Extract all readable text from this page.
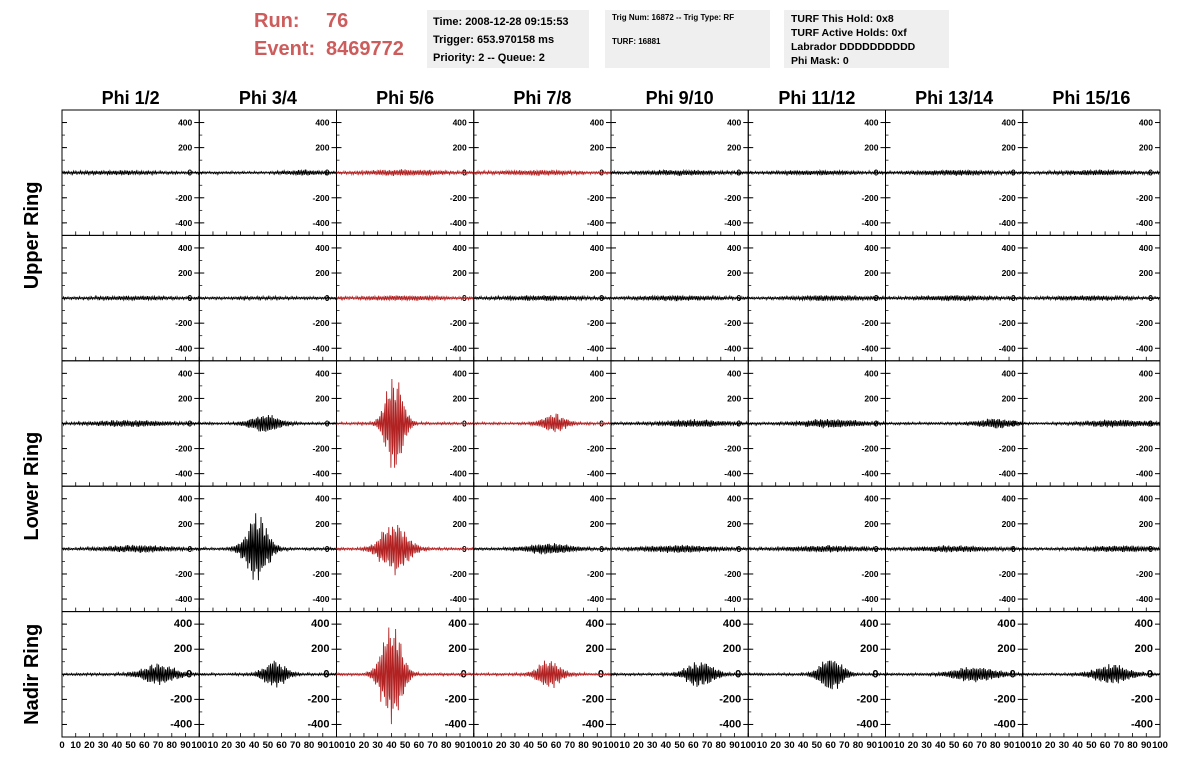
Run: 76
Event: 8469772
Time: 2008-12-28 09:15:53
Trigger: 653.970158 ms
Priority: 2 -- Queue: 2
Trig Num: 16872 -- Trig Type: RF
TURF: 16881
TURF This Hold: 0x8
TURF Active Holds: 0xf
Labrador DDDDDDDDDD
Phi Mask: 0
Phi 1/2	Phi 3/4	Phi 5/6	Phi 7/8	Phi 9/10	Phi 11/12	Phi 13/14	Phi 15/16
Upper Ring
Lower Ring
Nadir Ring
400
200
0
-200
-400
400
200
0
-200
-400
400
200
0
-200
-400
400
200
0
-200
-400
400
200
0
-200
-400
400
200
0
-200
-400
400
200
0
-200
-400
400
200
0
-200
-400
400
200
0
-200
-400
400
200
0
-200
-400
400
200
0
-200
-400
400
200
0
-200
-400
400
200
0
-200
-400
400
200
0
-200
-400
400
200
0
-200
-400
400
200
0
-200
-400
400
200
0
-200
-400
400
200
0
-200
-400
400
200
0
-200
-400
400
200
0
-200
-400
400
200
0
-200
-400
400
200
0
-200
-400
400
200
0
-200
-400
400
200
0
-200
-400
400
200
0
-200
-400
400
200
0
-200
-400
400
200
0
-200
-400
400
200
0
-200
-400
400
200
0
-200
-400
400
200
0
-200
-400
400
200
0
-200
-400
400
200
0
-200
-400
400
200
0
-200
-400
400
200
0
-200
-400
400
200
0
-200
-400
400
200
0
-200
-400
400
200
0
-200
-400
400
200
0
-200
-400
400
200
0
-200
-400
400
200
0
-200
-400
0 10 20 30 40 50 60 70 80 90 100 10 20 30 40 50 60 70 80 90 100 10 20 30 40 50 60 70 80 90 100 10 20 30 40 50 60 70 80 90 100 10 20 30 40 50 60 70 80 90 100 10 20 30 40 50 60 70 80 90 100 10 20 30 40 50 60 70 80 90 100 10 20 30 40 50 60 70 80 90 100
